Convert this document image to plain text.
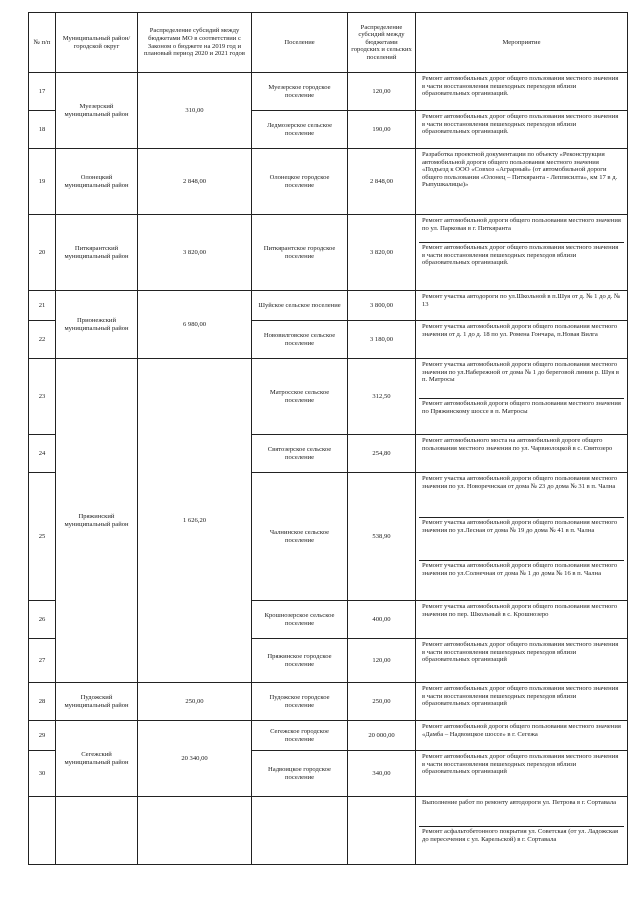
№ п/п	Муниципальный район/городской округ	Распределение субсидий между бюджетами МО в соответствии с Законом о бюджете на 2019 год и плановый период 2020 и 2021 годов	Поселение	Распределение субсидий между бюджетами городских и сельских поселений	Мероприятие
17	Муезерский муниципальный район	310,00	Муезерское городское поселение	120,00	Ремонт автомобильных дорог общего пользования местного значения в части восстановления пешеходных переходов вблизи образовательных организаций.

18			Ледмозерское сельское поселение	190,00	Ремонт автомобильных дорог общего пользования местного значения в части восстановления пешеходных переходов вблизи образовательных организаций.

19	Олонецкий муниципальный район	2 848,00	Олонецкое городское поселение	2 848,00	Разработка проектной документации по объекту «Реконструкция автомобильной дороги общего пользования местного значения «Подъезд к ООО «Совхоз «Аграрный» (от автомобильной дороги общего пользования «Олонец – Питкяранта - Леппясилта», км 17 в д. Рыпушкалицы)»

20	Питкярантский муниципальный район	3 820,00	Питкярантское городское поселение	3 820,00	Ремонт автомобильной дороги общего пользования местного значения по ул. Парковая в г. Питкяранта
Ремонт автомобильных дорог общего пользования местного значения в части восстановления пешеходных переходов вблизи образовательных организаций.

21	Прионежский муниципальный район	6 980,00	Шуйское сельское поселение	3 800,00	Ремонт участка автодороги по ул.Школьной в п.Шуя от д. № 1 до д. № 13

22			Нововилговское сельское поселение	3 180,00	Ремонт участка автомобильной дороги общего пользования местного значения от д. 1 до д. 18 по ул. Ромена Гончара, п.Новая Вилга

23	Пряжинский муниципальный район	1 626,20	Матросское сельское поселение	312,50	Ремонт участка автомобильной дороги общего пользования местного значения по ул.Набережной от дома № 1 до береговой линии р. Шуя в п. Матросы
Ремонт автомобильной дороги общего пользования местного значения по Пряжинскому шоссе в п. Матросы

24			Святозерское сельское поселение	254,80	Ремонт автомобильного моста на автомобильной дороге общего пользования местного значения по ул. Чарвиолоцкой в с. Святозеро

25			Чалнинское сельское поселение	538,90	Ремонт участка автомобильной дороги общего пользования местного значения по ул. Новоречнская от дома № 23 до дома № 31 в п. Чална
Ремонт участка автомобильной дороги общего пользования местного значения по ул.Лесная от дома № 19 до дома № 41 в п. Чална
Ремонт участка автомобильной дороги общего пользования местного значения по ул.Солнечная от дома № 1 до дома № 16 в п. Чална

26			Крошнозерское сельское поселение	400,00	Ремонт участка автомобильной дороги общего пользования местного значения по пер. Школьный в с. Крошнозеро

27			Пряжинское городское поселение	120,00	Ремонт автомобильных дорог общего пользования местного значения в части восстановления пешеходных переходов вблизи образовательных организаций

28	Пудожский муниципальный район	250,00	Пудожское городское поселение	250,00	Ремонт автомобильных дорог общего пользования местного значения в части восстановления пешеходных переходов вблизи образовательных организаций

29	Сегежский муниципальный район	20 340,00	Сегежское городское поселение	20 000,00	Ремонт автомобильной дороги общего пользования местного значения «Дамба – Надвоицкое шоссе» в г. Сегежа

30			Надвоицкое городское поселение	340,00	Ремонт автомобильных дорог общего пользования местного значения в части восстановления пешеходных переходов вблизи образовательных организаций

					Выполнение работ по ремонту автодороги ул. Петрова в г. Сортавала
Ремонт асфальтобетонного покрытия ул. Советская (от ул. Ладожская до пересечения с ул. Карельской) в г. Сортавала
